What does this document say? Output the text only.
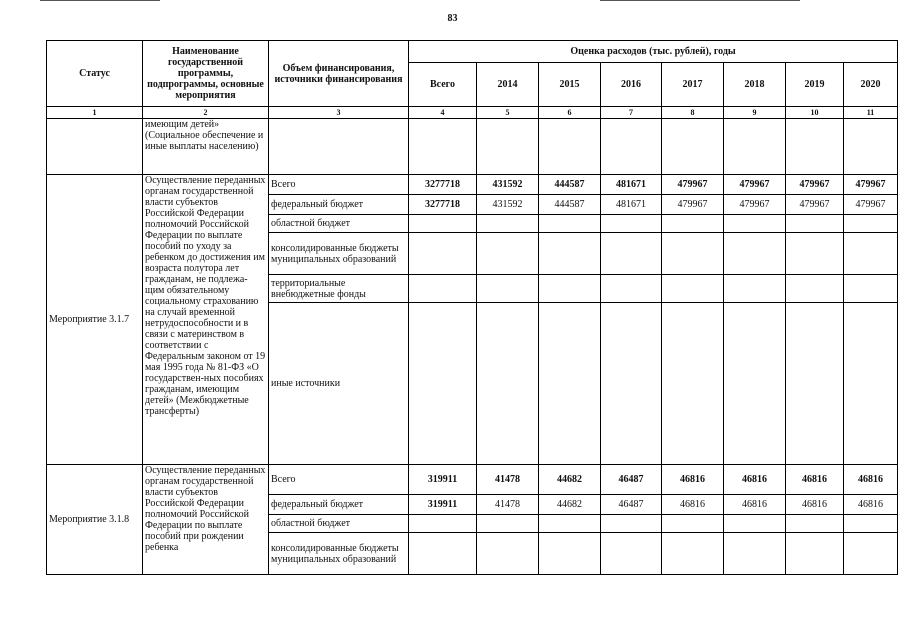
83
Статус	Наименование государственной программы, подпрограммы, основные мероприятия	Объем финансирования, источники финансирования	Оценка расходов (тыс. рублей), годы							
			Всего	2014	2015	2016	2017	2018	2019	2020
1	2	3	4	5	6	7	8	9	10	11
	имеющим детей» (Социальное обеспечение и иные выплаты населению)									
Мероприятие 3.1.7	Осуществление переданных органам государственной власти субъектов Российской Федерации полномочий Российской Федерации по выплате пособий по уходу за ребенком до достижения им возраста полутора лет гражданам, не подлежа-щим обязательному социальному страхованию на случай временной нетрудоспособности и в связи с материнством в соответствии с Федеральным законом от 19 мая 1995 года № 81-ФЗ «О государствен-ных пособиях гражданам, имеющим детей» (Межбюджетные трансферты)	Всего	3277718	431592	444587	481671	479967	479967	479967	479967
		федеральный бюджет	3277718	431592	444587	481671	479967	479967	479967	479967
		областной бюджет								
		консолидированные бюджеты муниципальных образований								
		территориальные внебюджетные фонды								
		иные источники								
Мероприятие 3.1.8	Осуществление переданных органам государственной власти субъектов Российской Федерации полномочий Российской Федерации по выплате пособий при рождении ребенка	Всего	319911	41478	44682	46487	46816	46816	46816	46816
		федеральный бюджет	319911	41478	44682	46487	46816	46816	46816	46816
		областной бюджет								
		консолидированные бюджеты муниципальных образований								
